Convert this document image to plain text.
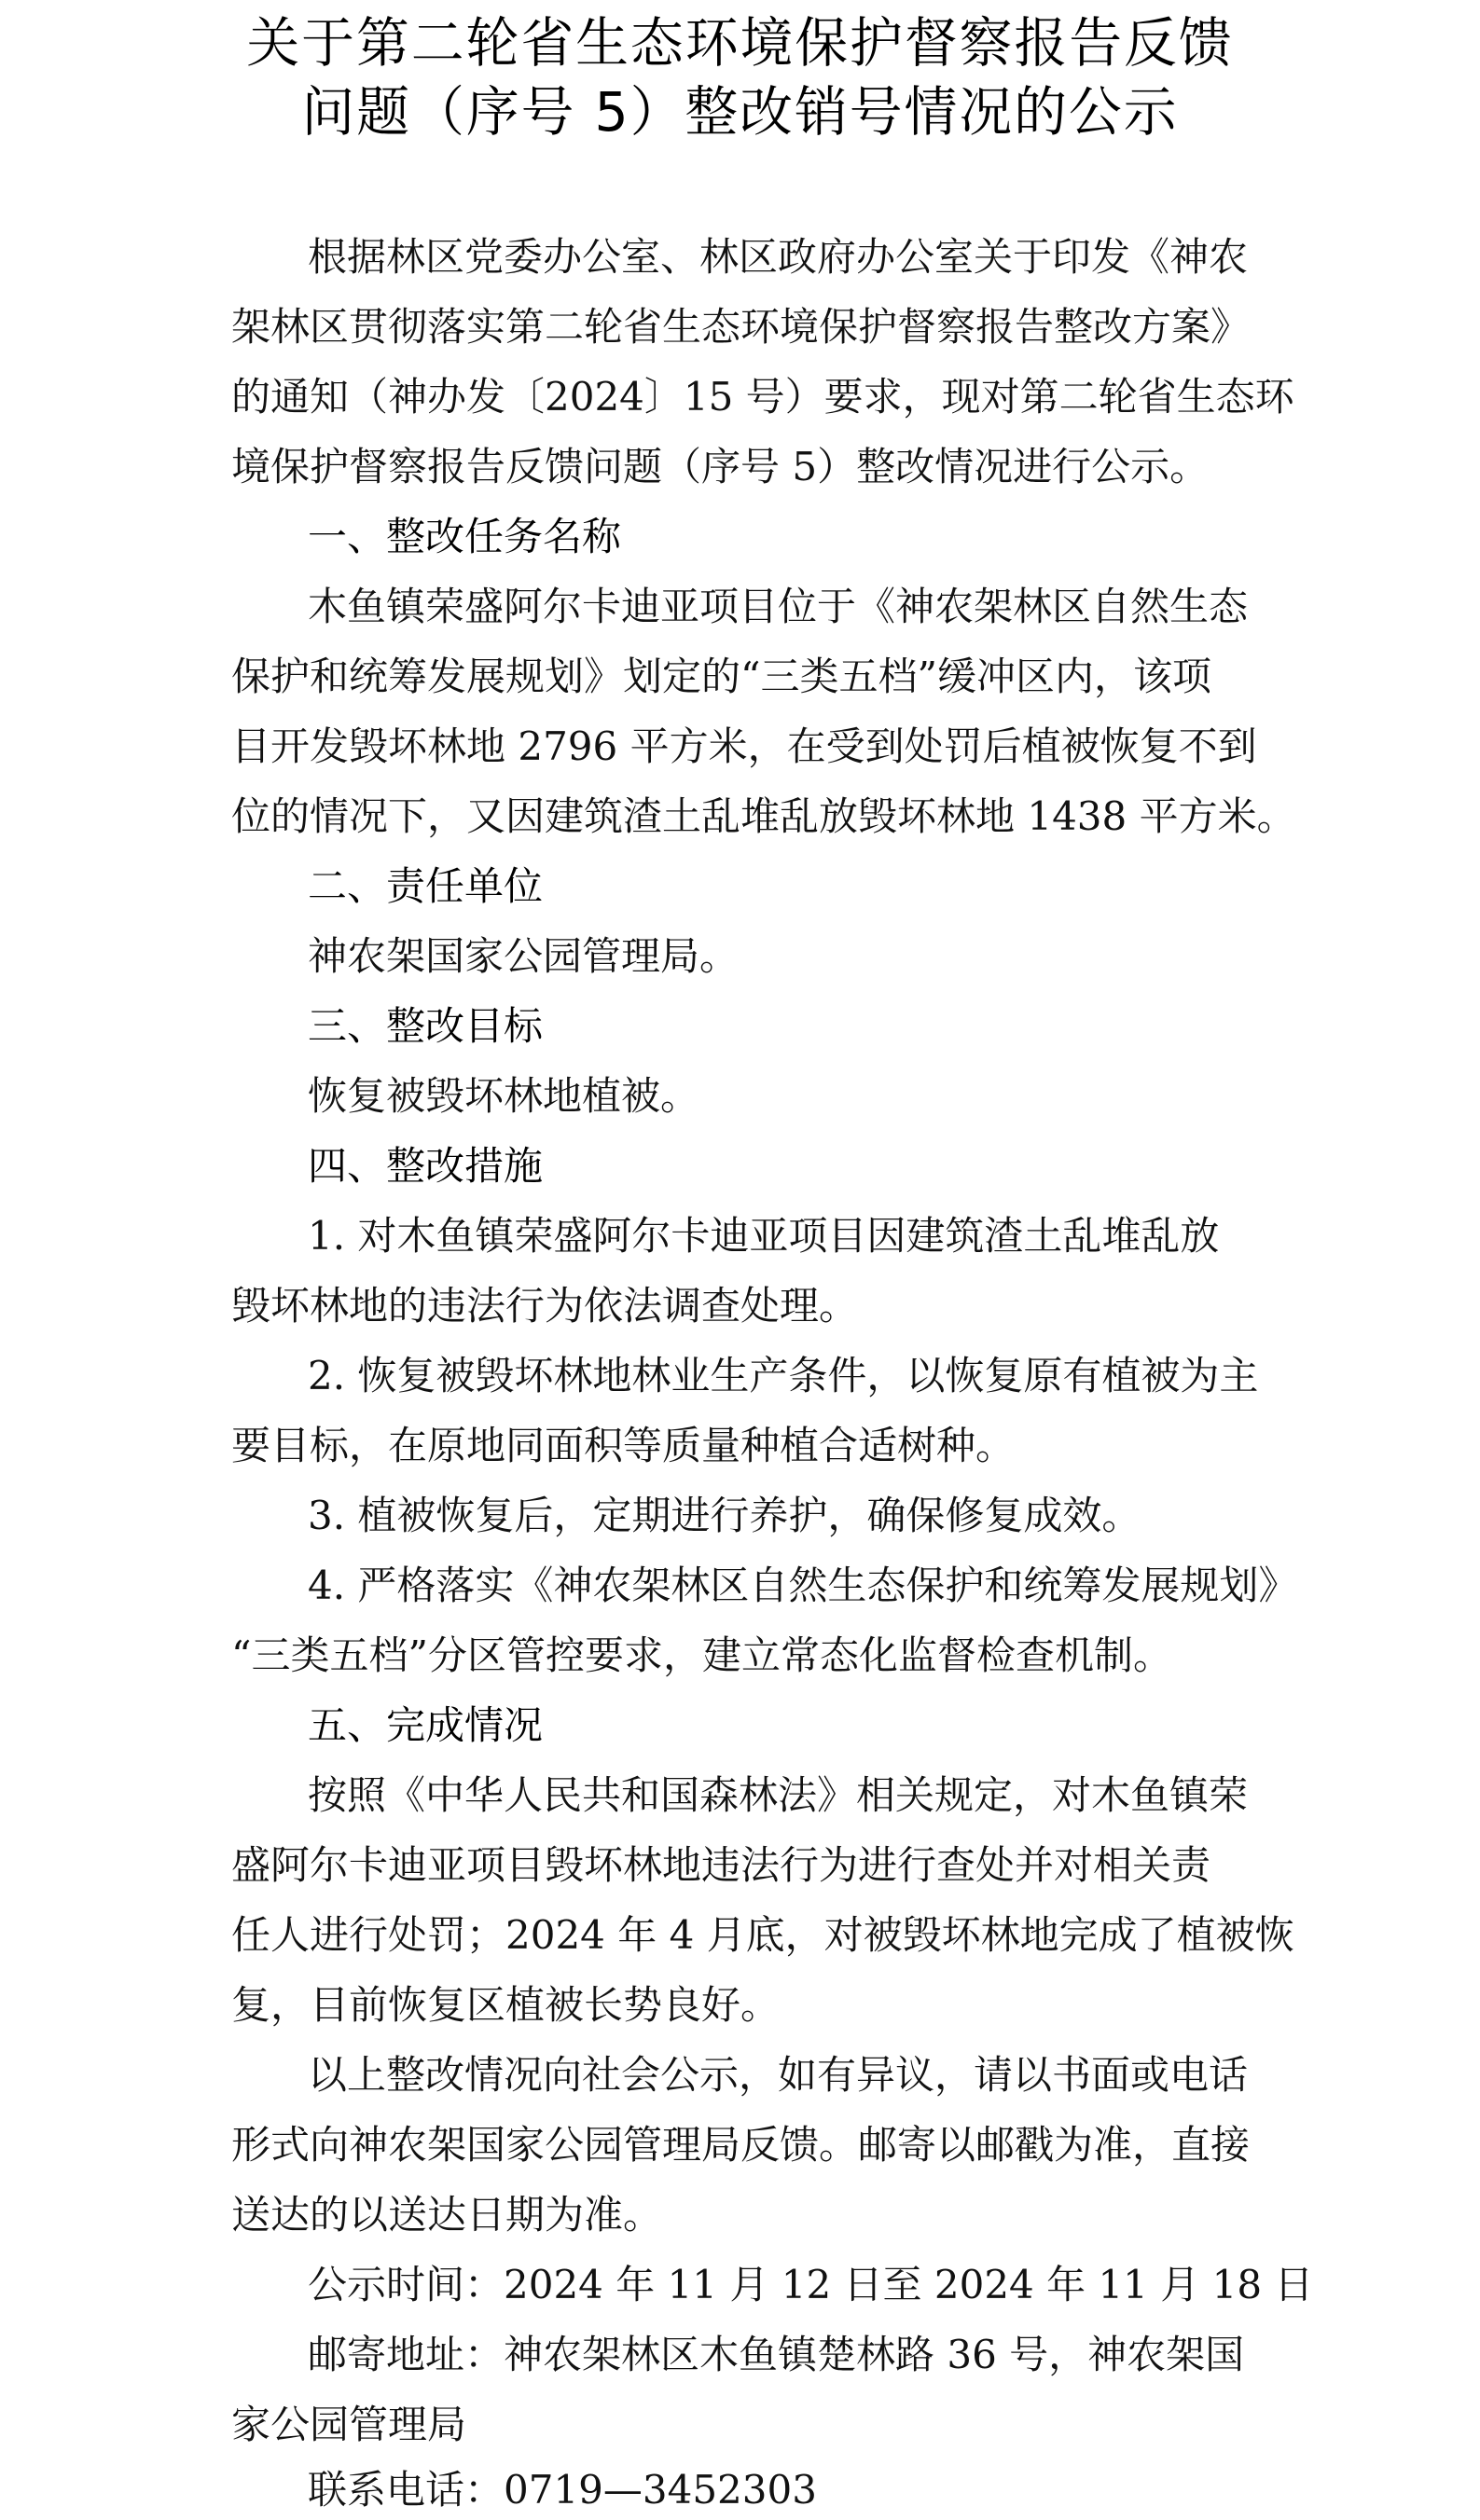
关于第二轮省生态环境保护督察报告反馈
问题（序号 5）整改销号情况的公示
根据林区党委办公室、林区政府办公室关于印发《神农
架林区贯彻落实第二轮省生态环境保护督察报告整改方案》
的通知（神办发〔2024〕15 号）要求，现对第二轮省生态环
境保护督察报告反馈问题（序号 5）整改情况进行公示。
一、整改任务名称
木鱼镇荣盛阿尔卡迪亚项目位于《神农架林区自然生态
保护和统筹发展规划》划定的“三类五档”缓冲区内，该项
目开发毁坏林地 2796 平方米，在受到处罚后植被恢复不到
位的情况下，又因建筑渣土乱堆乱放毁坏林地 1438 平方米。
二、责任单位
神农架国家公园管理局。
三、整改目标
恢复被毁坏林地植被。
四、整改措施
1. 对木鱼镇荣盛阿尔卡迪亚项目因建筑渣土乱堆乱放
毁坏林地的违法行为依法调查处理。
2. 恢复被毁坏林地林业生产条件，以恢复原有植被为主
要目标，在原地同面积等质量种植合适树种。
3. 植被恢复后，定期进行养护，确保修复成效。
4. 严格落实《神农架林区自然生态保护和统筹发展规划》
“三类五档”分区管控要求，建立常态化监督检查机制。
五、完成情况
按照《中华人民共和国森林法》相关规定，对木鱼镇荣
盛阿尔卡迪亚项目毁坏林地违法行为进行查处并对相关责
任人进行处罚；2024 年 4 月底，对被毁坏林地完成了植被恢
复，目前恢复区植被长势良好。
以上整改情况向社会公示，如有异议，请以书面或电话
形式向神农架国家公园管理局反馈。邮寄以邮戳为准，直接
送达的以送达日期为准。
公示时间：2024 年 11 月 12 日至 2024 年 11 月 18 日
邮寄地址：神农架林区木鱼镇楚林路 36 号，神农架国
家公园管理局
联系电话：0719—3452303
